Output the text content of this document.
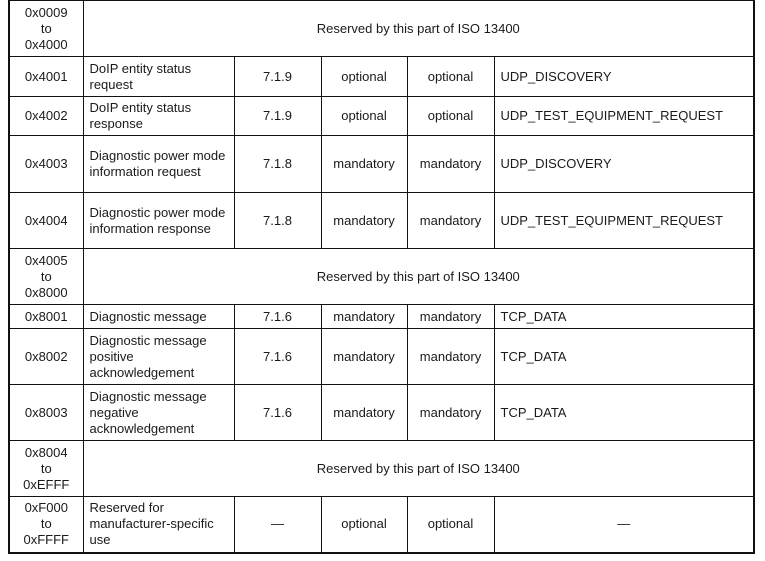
0x0009
to
0x4000	Reserved by this part of ISO 13400				
0x4001	DoIP entity status request	7.1.9	optional	optional	UDP_DISCOVERY
0x4002	DoIP entity status response	7.1.9	optional	optional	UDP_TEST_EQUIPMENT_REQUEST
0x4003	Diagnostic power mode information request	7.1.8	mandatory	mandatory	UDP_DISCOVERY
0x4004	Diagnostic power mode information response	7.1.8	mandatory	mandatory	UDP_TEST_EQUIPMENT_REQUEST

0x4005
to
0x8000	Reserved by this part of ISO 13400				
0x8001	Diagnostic message	7.1.6	mandatory	mandatory	TCP_DATA
0x8002	Diagnostic message positive acknowledgement	7.1.6	mandatory	mandatory	TCP_DATA
0x8003	Diagnostic message negative acknowledgement	7.1.6	mandatory	mandatory	TCP_DATA

0x8004
to
0xEFFF	Reserved by this part of ISO 13400				

0xF000
to
0xFFFF	Reserved for manufacturer-specific use	—	optional	optional	—
